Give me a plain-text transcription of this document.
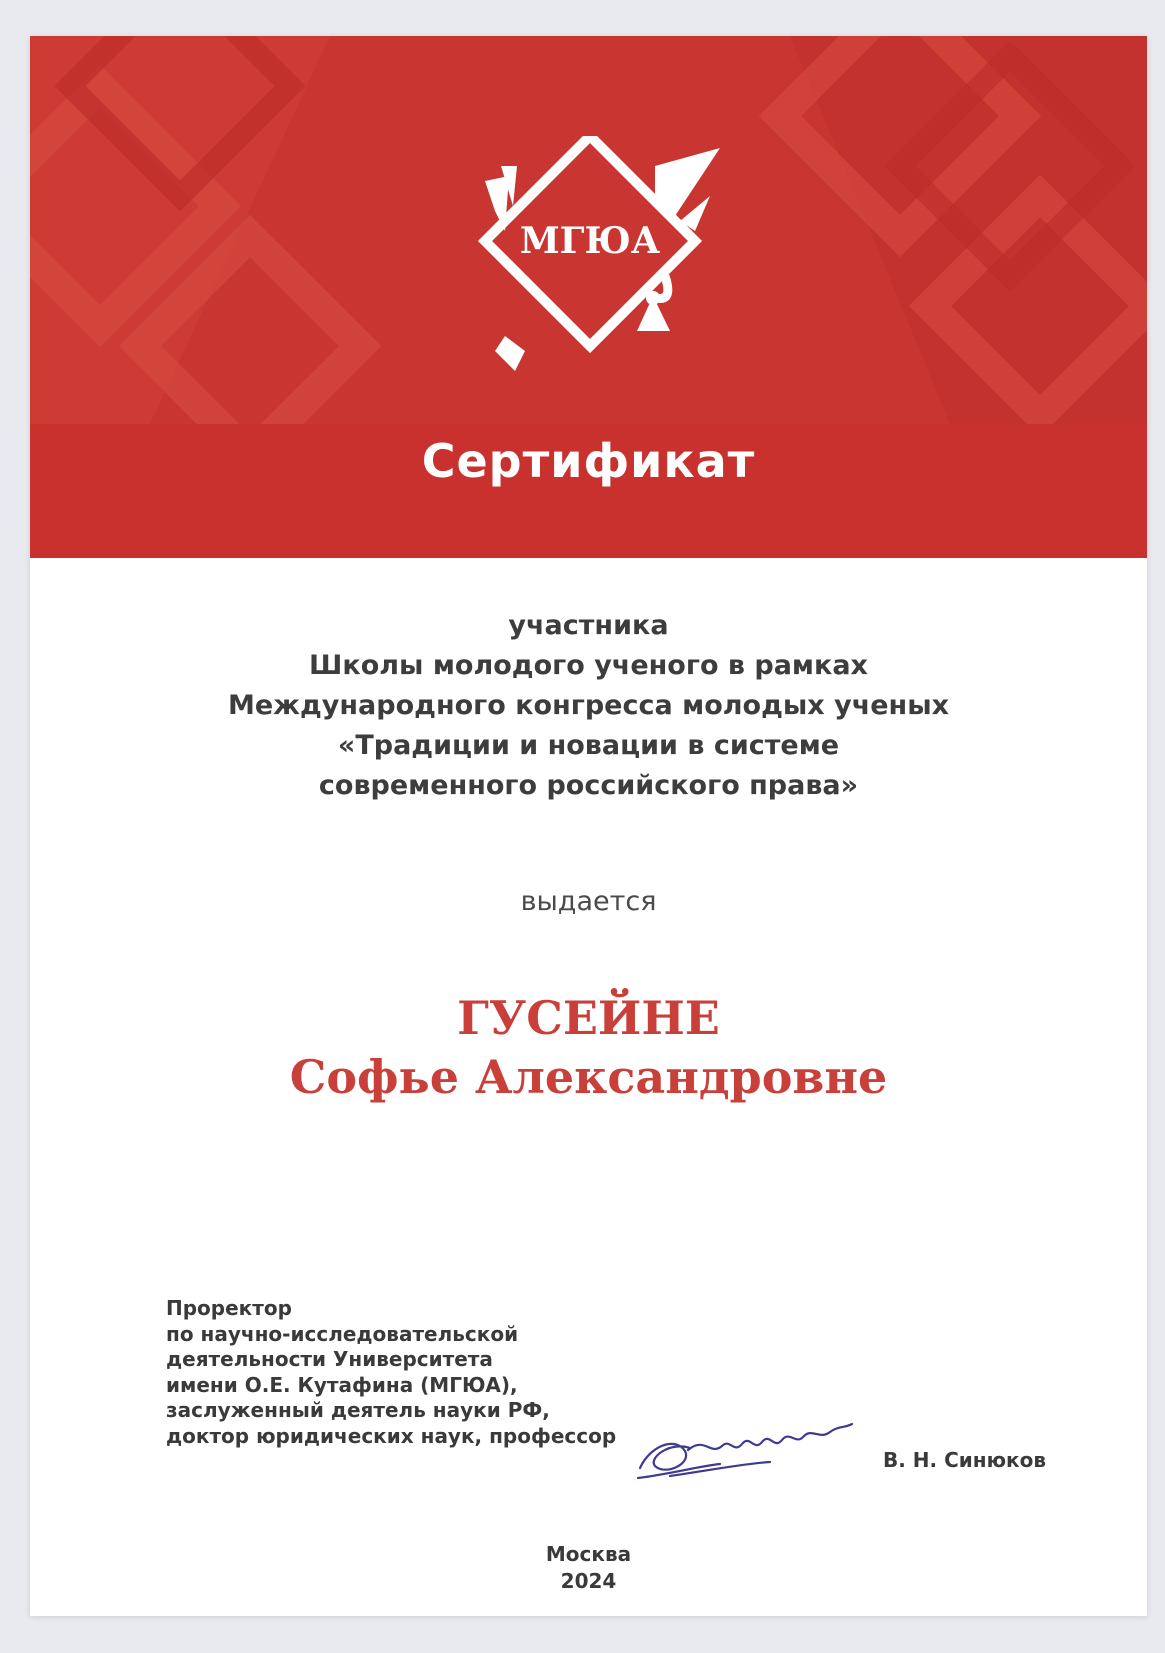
МГЮА
Сертификат
участника
Школы молодого ученого в рамках
Международного конгресса молодых ученых
«Традиции и новации в системе
современного российского права»
выдается
ГУСЕЙНЕ
Софье Александровне
Проректор
по научно-исследовательской
деятельности Университета
имени О.Е. Кутафина (МГЮА),
заслуженный деятель науки РФ,
доктор юридических наук, профессор
В. Н. Синюков
Москва
2024
